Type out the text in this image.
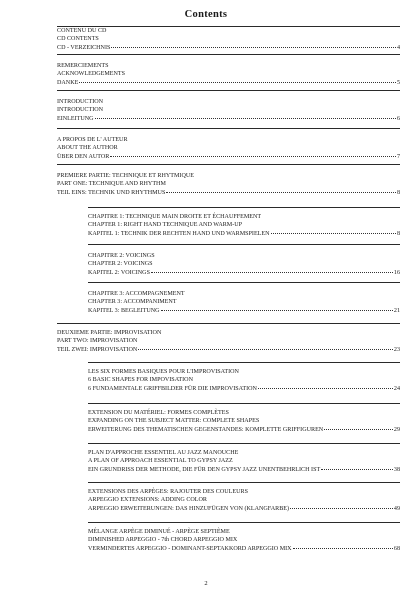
Contents
CONTENU DU CD
CD CONTENTS
CD - VERZEICHNIS	4
REMERCIEMENTS
ACKNOWLEDGEMENTS
DANKE	5
INTRODUCTION
INTRODUCTION
EINLEITUNG	6
A PROPOS DE L' AUTEUR
ABOUT THE AUTHOR
ÜBER DEN AUTOR	7
PREMIERE PARTIE: TECHNIQUE ET RHYTMIQUE
PART ONE: TECHNIQUE AND RHYTHM
TEIL EINS: TECHNIK UND RHYTHMUS	8
CHAPITRE 1: TECHNIQUE MAIN DROITE ET ÉCHAUFFEMENT
CHAPTER 1: RIGHT HAND TECHNIQUE AND WARM-UP
KAPITEL 1: TECHNIK DER RECHTEN HAND UND WARMSPIELEN	8
CHAPITRE 2: VOICINGS
CHAPTER 2: VOICINGS
KAPITEL 2: VOICINGS	16
CHAPITRE 3: ACCOMPAGNEMENT
CHAPTER 3: ACCOMPANIMENT
KAPITEL 3: BEGLEITUNG	21
DEUXIEME PARTIE: IMPROVISATION
PART TWO: IMPROVISATION
TEIL ZWEI: IMPROVISATION	23
LES SIX FORMES BASIQUES POUR L'IMPROVISATION
6 BASIC SHAPES FOR IMPOVISATION
6 FUNDAMENTALE GRIFFBILDER FÜR DIE IMPROVISATION	24
EXTENSION DU MATÉRIEL: FORMES COMPLÈTES
EXPANDING ON THE SUBJECT MATTER: COMPLETE SHAPES
ERWEITERUNG DES THEMATISCHEN GEGENSTANDES: KOMPLETTE GRIFFIGUREN	29
PLAN D'APPROCHE ESSENTIEL AU JAZZ MANOUCHE
A PLAN OF APPROACH ESSENTIAL TO GYPSY JAZZ
EIN GRUNDRISS DER METHODE, DIE FÜR DEN GYPSY JAZZ UNENTBEHRLICH IST	38
EXTENSIONS DES ARPÈGES: RAJOUTER DES COULEURS
ARPEGGIO EXTENSIONS: ADDING COLOR
ARPEGGIO ERWEITERUNGEN: DAS HINZUFÜGEN VON (KLANGFARBE)	49
MÉLANGE ARPÈGE DIMINUÉ - ARPÈGE SEPTIÈME
DIMINISHED ARPEGGIO - 7th CHORD ARPEGGIO MIX
VERMINDERTES ARPEGGIO - DOMINANT-SEPTAKKORD ARPEGGIO MIX	68
2
